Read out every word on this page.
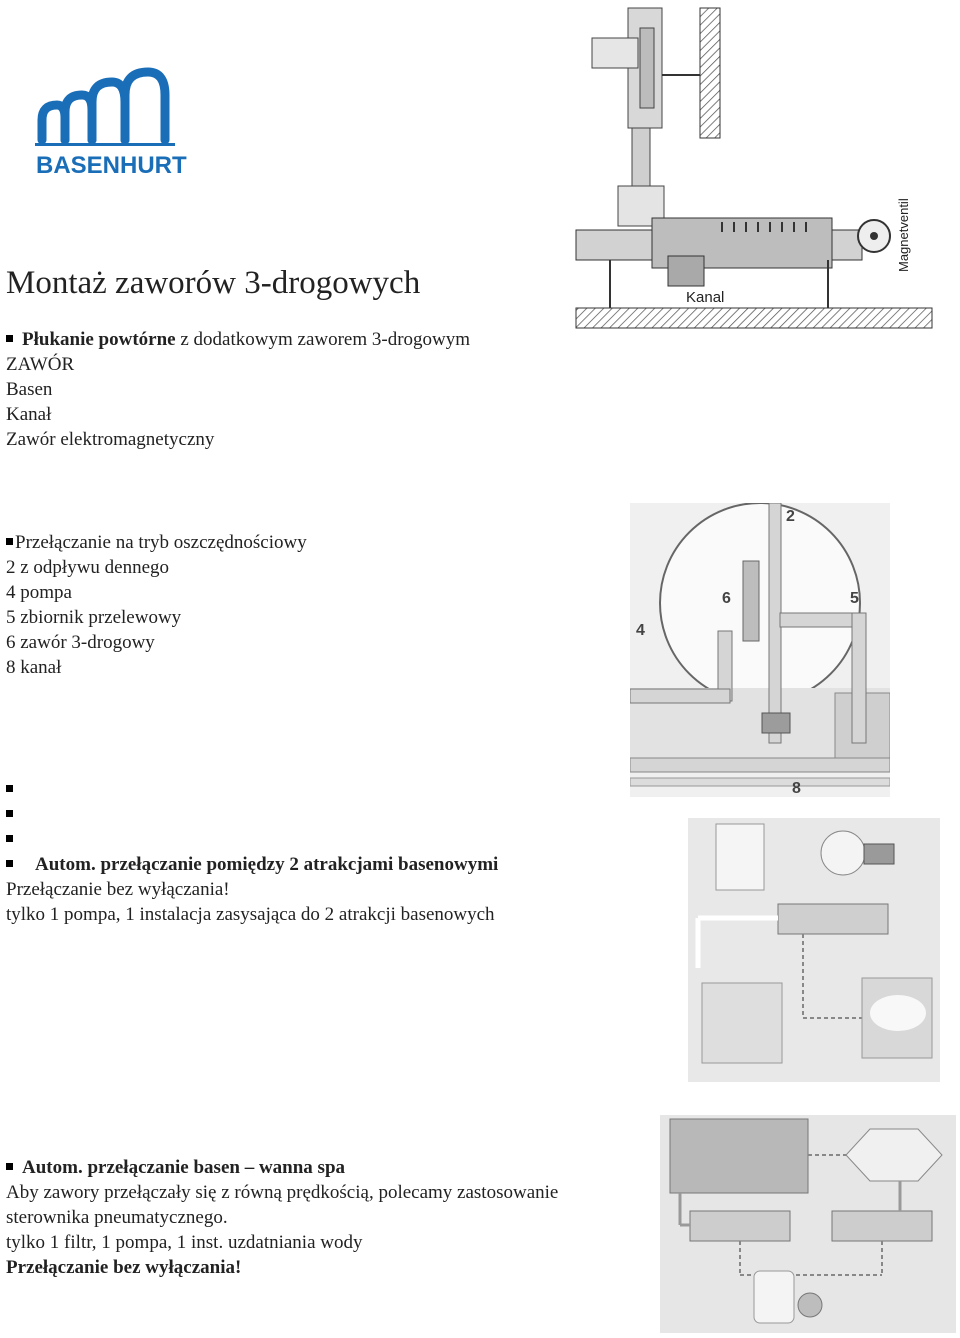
BASENHURT
Montaż zaworów 3-drogowych
Płukanie powtórne z dodatkowym zaworem 3-drogowym
ZAWÓR
Basen
Kanał
Zawór elektromagnetyczny
Przełączanie na tryb oszczędnościowy
2 z odpływu dennego
4 pompa
5 zbiornik przelewowy
6 zawór 3-drogowy
8 kanał
Autom. przełączanie pomiędzy 2 atrakcjami basenowymi
Przełączanie bez wyłączania!
tylko 1 pompa, 1 instalacja zasysająca do 2 atrakcji basenowych
Autom. przełączanie basen – wanna spa
Aby zawory przełączały się z równą prędkością, polecamy zastosowanie
sterownika pneumatycznego.
tylko 1 filtr, 1 pompa, 1 inst. uzdatniania wody
Przełączanie bez wyłączania!
Kanal
Magnetventil
2
6	5
4
8
